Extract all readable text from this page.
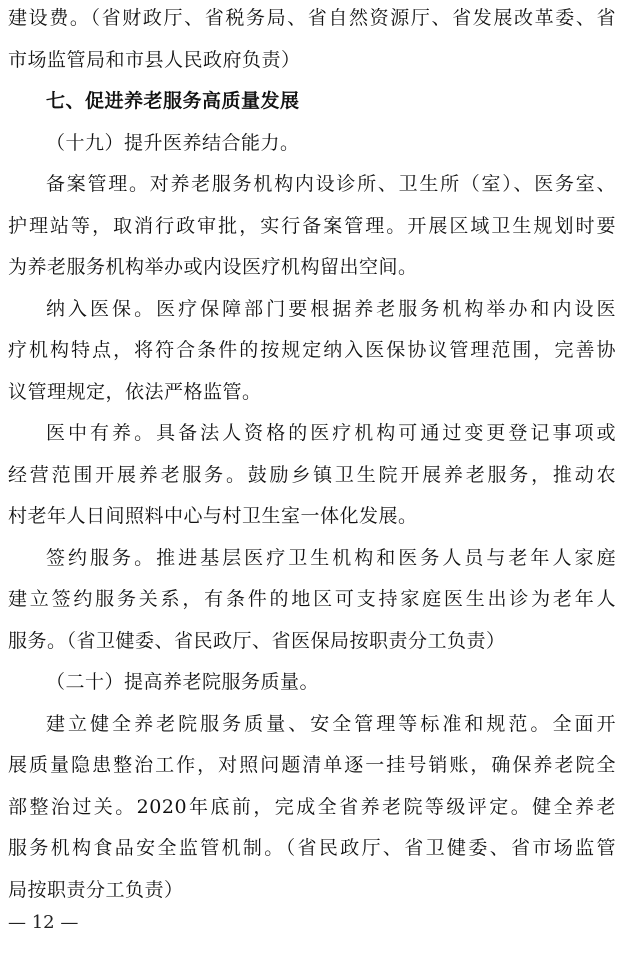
建设费。（省财政厅、省税务局、省自然资源厅、省发展改革委、省
市场监管局和市县人民政府负责）
七、促进养老服务高质量发展
（十九）提升医养结合能力。
备案管理。对养老服务机构内设诊所、卫生所（室）、医务室、
护理站等，取消行政审批，实行备案管理。开展区域卫生规划时要
为养老服务机构举办或内设医疗机构留出空间。
纳入医保。医疗保障部门要根据养老服务机构举办和内设医
疗机构特点，将符合条件的按规定纳入医保协议管理范围，完善协
议管理规定，依法严格监管。
医中有养。具备法人资格的医疗机构可通过变更登记事项或
经营范围开展养老服务。鼓励乡镇卫生院开展养老服务，推动农
村老年人日间照料中心与村卫生室一体化发展。
签约服务。推进基层医疗卫生机构和医务人员与老年人家庭
建立签约服务关系，有条件的地区可支持家庭医生出诊为老年人
服务。（省卫健委、省民政厅、省医保局按职责分工负责）
（二十）提高养老院服务质量。
建立健全养老院服务质量、安全管理等标准和规范。全面开
展质量隐患整治工作，对照问题清单逐一挂号销账，确保养老院全
部整治过关。2020年底前，完成全省养老院等级评定。健全养老
— 12 —
服务机构食品安全监管机制。（省民政厅、省卫健委、省市场监管
局按职责分工负责）
